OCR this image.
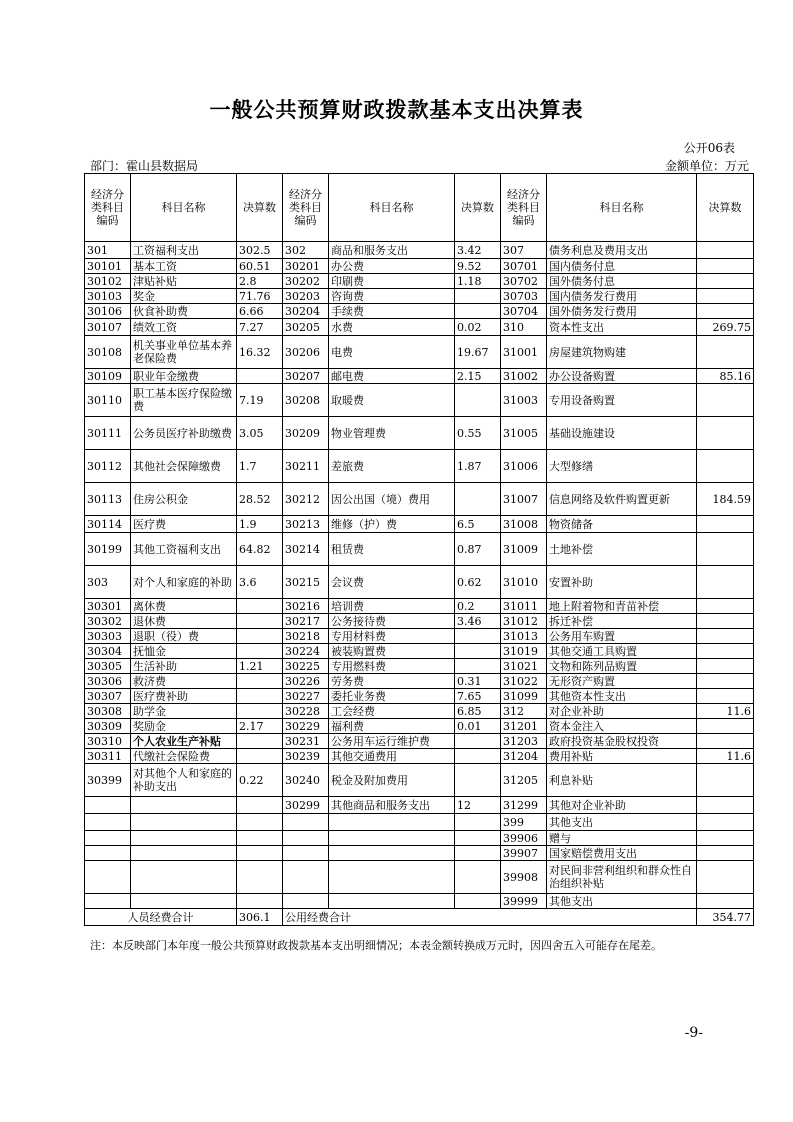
一般公共预算财政拨款基本支出决算表
公开06表
部门：霍山县数据局	金额单位：万元
经济分类科目编码	科目名称	决算数	经济分类科目编码	科目名称	决算数	经济分类科目编码	科目名称	决算数
301	工资福利支出	302.5	302	商品和服务支出	3.42	307	债务利息及费用支出	
30101	基本工资	60.51	30201	办公费	9.52	30701	国内债务付息	
30102	津贴补贴	2.8	30202	印刷费	1.18	30702	国外债务付息	
30103	奖金	71.76	30203	咨询费		30703	国内债务发行费用	
30106	伙食补助费	6.66	30204	手续费		30704	国外债务发行费用	
30107	绩效工资	7.27	30205	水费	0.02	310	资本性支出	269.75
30108	机关事业单位基本养老保险费	16.32	30206	电费	19.67	31001	房屋建筑物购建	
30109	职业年金缴费		30207	邮电费	2.15	31002	办公设备购置	85.16
30110	职工基本医疗保险缴费	7.19	30208	取暖费		31003	专用设备购置	
30111	公务员医疗补助缴费	3.05	30209	物业管理费	0.55	31005	基础设施建设	
30112	其他社会保障缴费	1.7	30211	差旅费	1.87	31006	大型修缮	
30113	住房公积金	28.52	30212	因公出国（境）费用		31007	信息网络及软件购置更新	184.59
30114	医疗费	1.9	30213	维修（护）费	6.5	31008	物资储备	
30199	其他工资福利支出	64.82	30214	租赁费	0.87	31009	土地补偿	
303	对个人和家庭的补助	3.6	30215	会议费	0.62	31010	安置补助	
30301	离休费		30216	培训费	0.2	31011	地上附着物和青苗补偿	
30302	退休费		30217	公务接待费	3.46	31012	拆迁补偿	
30303	退职（役）费		30218	专用材料费		31013	公务用车购置	
30304	抚恤金		30224	被装购置费		31019	其他交通工具购置	
30305	生活补助	1.21	30225	专用燃料费		31021	文物和陈列品购置	
30306	救济费		30226	劳务费	0.31	31022	无形资产购置	
30307	医疗费补助		30227	委托业务费	7.65	31099	其他资本性支出	
30308	助学金		30228	工会经费	6.85	312	对企业补助	11.6
30309	奖励金	2.17	30229	福利费	0.01	31201	资本金注入	
30310	个人农业生产补贴		30231	公务用车运行维护费		31203	政府投资基金股权投资	
30311	代缴社会保险费		30239	其他交通费用		31204	费用补贴	11.6
30399	对其他个人和家庭的补助支出	0.22	30240	税金及附加费用		31205	利息补贴	
			30299	其他商品和服务支出	12	31299	其他对企业补助	
						399	其他支出	
						39906	赠与	
						39907	国家赔偿费用支出	
						39908	对民间非营利组织和群众性自治组织补贴	
						39999	其他支出	
人员经费合计		306.1	公用经费合计					354.77
注：本反映部门本年度一般公共预算财政拨款基本支出明细情况；本表金额转换成万元时，因四舍五入可能存在尾差。
-9-
